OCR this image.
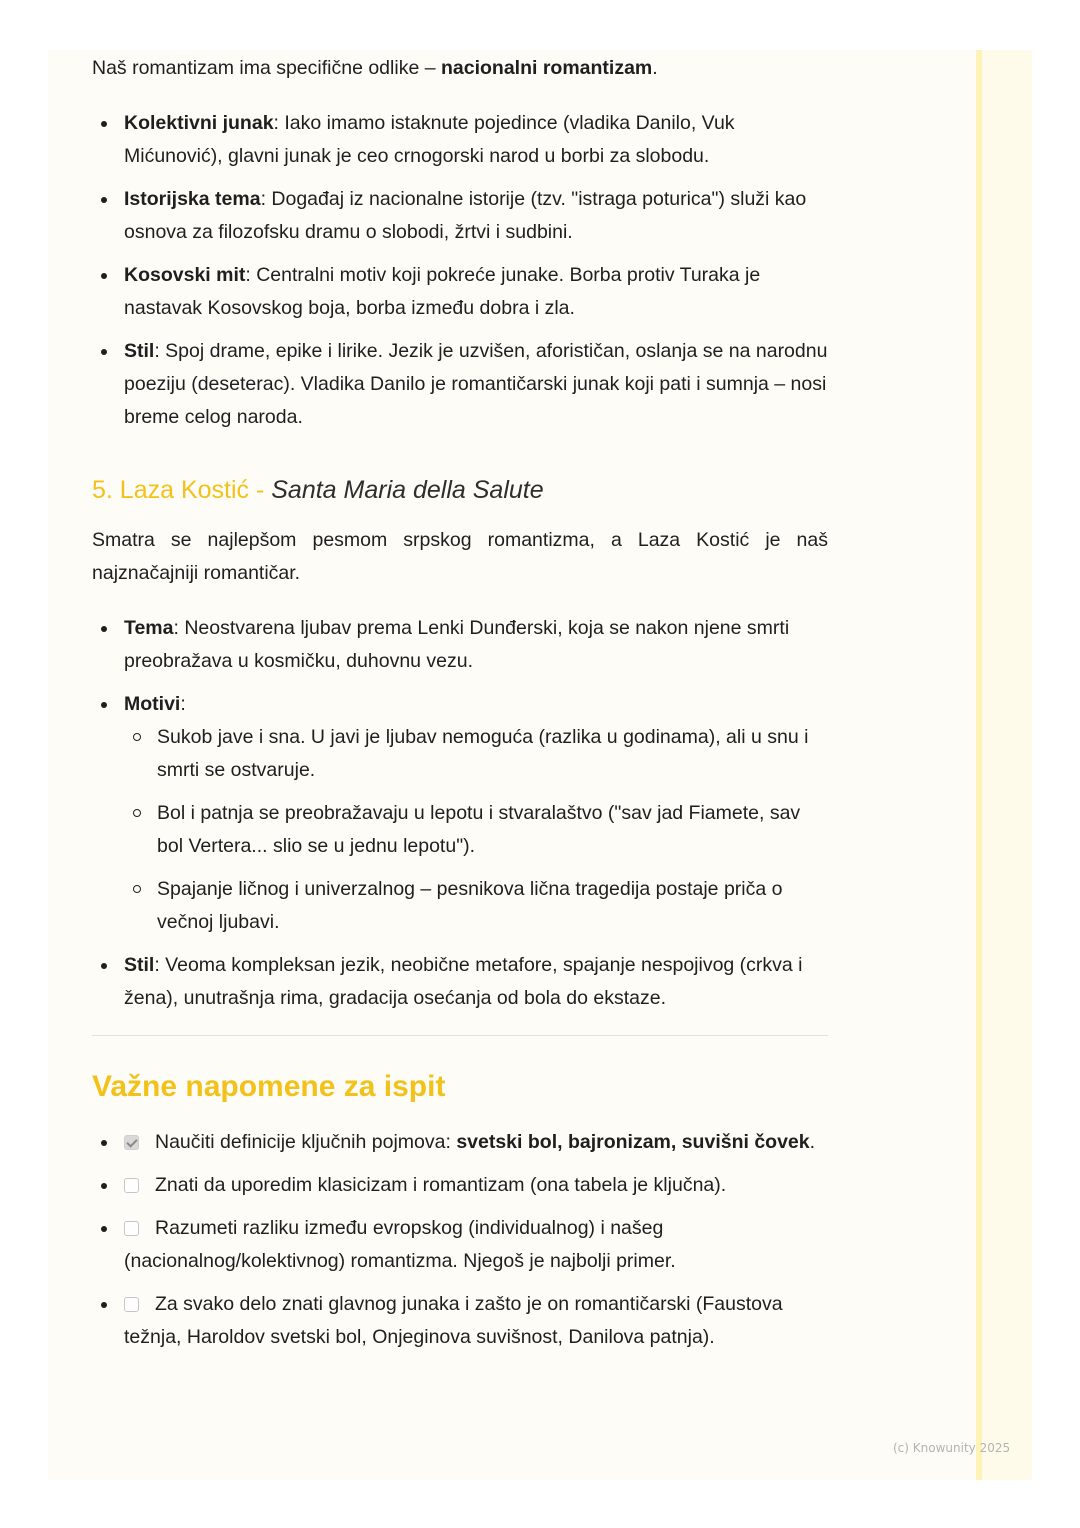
Naš romantizam ima specifične odlike – nacionalni romantizam.

Kolektivni junak: Iako imamo istaknute pojedince (vladika Danilo, Vuk Mićunović), glavni junak je ceo crnogorski narod u borbi za slobodu.
Istorijska tema: Događaj iz nacionalne istorije (tzv. "istraga poturica") služi kao osnova za filozofsku dramu o slobodi, žrtvi i sudbini.
Kosovski mit: Centralni motiv koji pokreće junake. Borba protiv Turaka je nastavak Kosovskog boja, borba između dobra i zla.
Stil: Spoj drame, epike i lirike. Jezik je uzvišen, aforističan, oslanja se na narodnu poeziju (deseterac). Vladika Danilo je romantičarski junak koji pati i sumnja – nosi breme celog naroda.
5. Laza Kostić - Santa Maria della Salute

Smatra se najlepšom pesmom srpskog romantizma, a Laza Kostić je naš najznačajniji romantičar.

Tema: Neostvarena ljubav prema Lenki Dunđerski, koja se nakon njene smrti preobražava u kosmičku, duhovnu vezu.
Motivi:
Sukob jave i sna. U javi je ljubav nemoguća (razlika u godinama), ali u snu i smrti se ostvaruje.
Bol i patnja se preobražavaju u lepotu i stvaralaštvo ("sav jad Fiamete, sav bol Vertera... slio se u jednu lepotu").
Spajanje ličnog i univerzalnog – pesnikova lična tragedija postaje priča o večnoj ljubavi.
Stil: Veoma kompleksan jezik, neobične metafore, spajanje nespojivog (crkva i žena), unutrašnja rima, gradacija osećanja od bola do ekstaze.
Važne napomene za ispit
Naučiti definicije ključnih pojmova: svetski bol, bajronizam, suvišni čovek.
Znati da uporedim klasicizam i romantizam (ona tabela je ključna).
Razumeti razliku između evropskog (individualnog) i našeg (nacionalnog/kolektivnog) romantizma. Njegoš je najbolji primer.
Za svako delo znati glavnog junaka i zašto je on romantičarski (Faustova težnja, Haroldov svetski bol, Onjeginova suvišnost, Danilova patnja).
(c) Knowunity 2025
